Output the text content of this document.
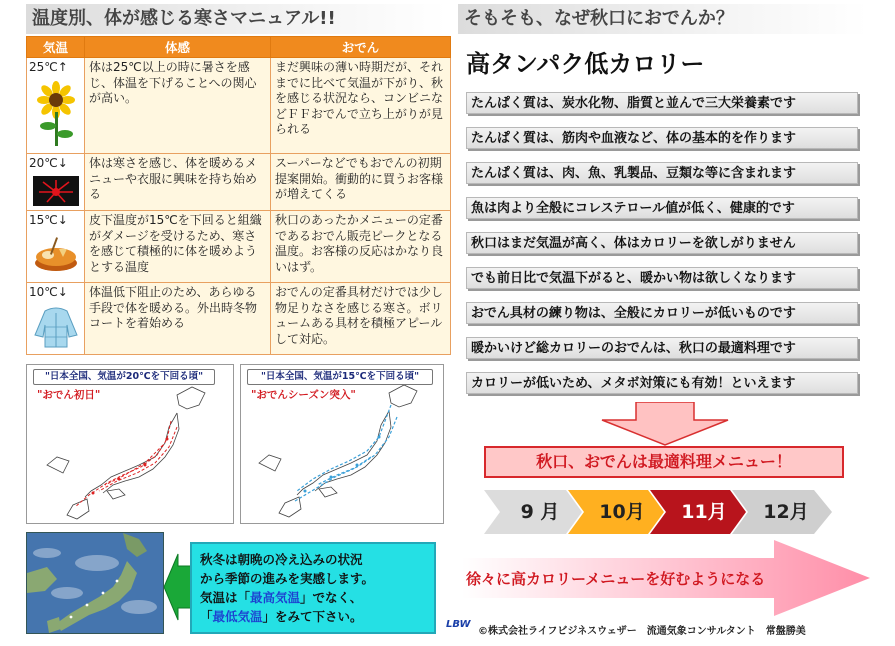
温度別、体が感じる寒さマニュアル!!	そもそも、なぜ秋口におでんか？
高タンパク低カロリー
気温	体感	おでん

25℃↑	体は25℃以上の時に暑さを感じ、体温を下げることへの関心が高い。	まだ興味の薄い時期だが、それまでに比べて気温が下がり、秋を感じる状況なら、コンビニなどＦＦおでんで立ち上がりが見られる

20℃↓	体は寒さを感じ、体を暖めるメニューや衣服に興味を持ち始める	スーパーなどでもおでんの初期提案開始。衝動的に買うお客様が増えてくる

15℃↓	皮下温度が15℃を下回ると組織がダメージを受けるため、寒さを感じて積極的に体を暖めようとする温度	秋口のあったかメニューの定番であるおでん販売ピークとなる温度。お客様の反応はかなり良いはず。

10℃↓	体温低下阻止のため、あらゆる手段で体を暖める。外出時冬物コートを着始める	おでんの定番具材だけでは少し物足りなさを感じる寒さ。ボリュームある具材を積極アピールして対応。
"日本全国、気温が20℃を下回る頃"
"おでん初日"
"日本全国、気温が15℃を下回る頃"
"おでんシーズン突入"
秋冬は朝晩の冷え込みの状況
から季節の進みを実感します。
気温は「最高気温」でなく、
「最低気温」をみて下さい。
たんぱく質は、炭水化物、脂質と並んで三大栄養素です
たんぱく質は、筋肉や血液など、体の基本的を作ります
たんぱく質は、肉、魚、乳製品、豆類な等に含まれます
魚は肉より全般にコレステロール値が低く、健康的です
秋口はまだ気温が高く、体はカロリーを欲しがりません
でも前日比で気温下がると、暖かい物は欲しくなります
おでん具材の練り物は、全般にカロリーが低いものです
暖かいけど総カロリーのおでんは、秋口の最適料理です
カロリーが低いため、メタボ対策にも有効！といえます
秋口、おでんは最適料理メニュー！
9 月	10月	11月	12月
徐々に高カロリーメニューを好むようになる
LBW
©株式会社ライフビジネスウェザー　流通気象コンサルタント　常盤勝美
